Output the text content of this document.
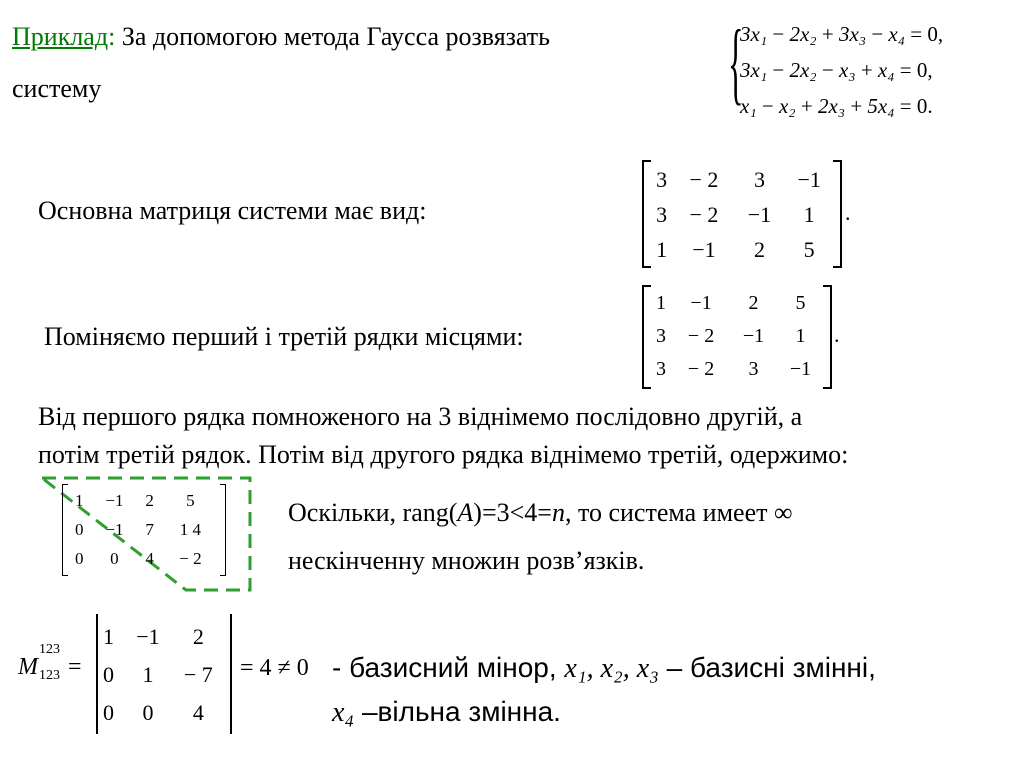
Приклад: За допомогою метода Гаусса розвязать
систему	{
3x₁ − 2x₂ + 3x₃ − x₄ = 0,
3x₁ − 2x₂ − x₃ + x₄ = 0,
x₁ − x₂ + 2x₃ + 5x₄ = 0.
Основна матриця системи має вид:
3	− 2	3	−1
3	− 2	−1	1
1	−1	2	5
.
Поміняємо перший і третій рядки місцями:
1	−1	2	5
3	− 2	−1	1
3	− 2	3	−1
.
Від першого рядка помноженого на 3 віднімемо послідовно другій, а
потім третій рядок. Потім від другого рядка віднімемо третій, одержимо:
1	−1	2	5
0	−1	7	1 4
0	0	4	− 2
Оскільки, rang(A)=3<4=n, то система имеет ∞
нескінченну множин розв’язків.
M
123
123 =
1	−1	2
0	1	− 7
0	0	4
= 4 ≠ 0 - базисний мінор, x₁, x₂, x₃ – базисні змінні,
x₄ –вільна змінна.
